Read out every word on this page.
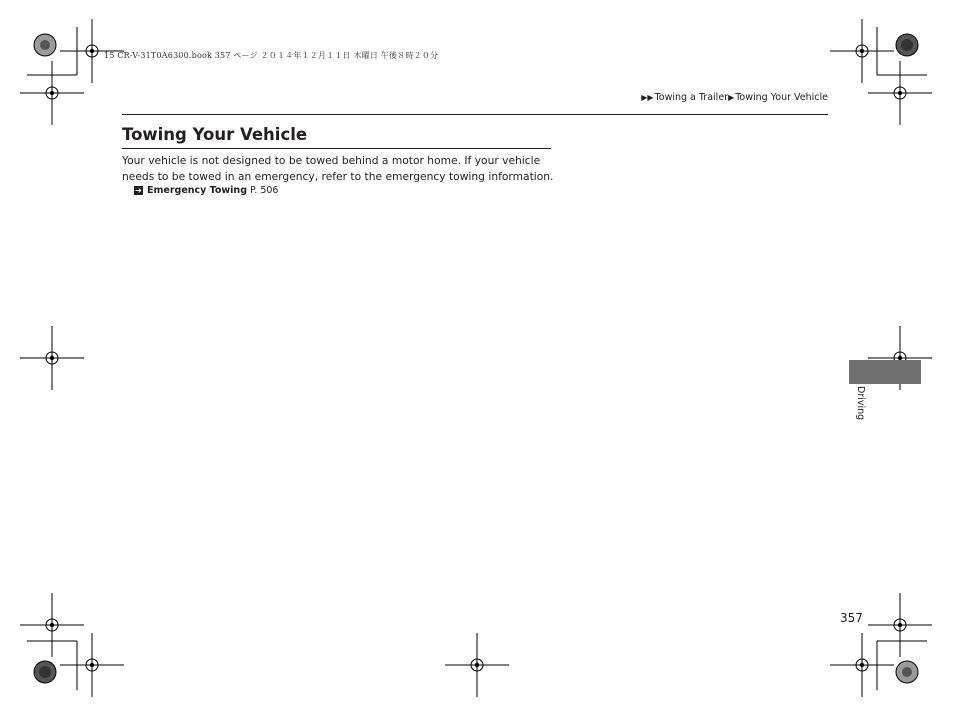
15 CR-V-31T0A6300.book 357 ページ ２０１４年１２月１１日 木曜日 午後８時２０分
▶▶Towing a Trailer▶Towing Your Vehicle
Towing Your Vehicle
Your vehicle is not designed to be towed behind a motor home. If your vehicle needs to be towed in an emergency, refer to the emergency towing information.
➔ Emergency Towing P. 506
Driving
357
